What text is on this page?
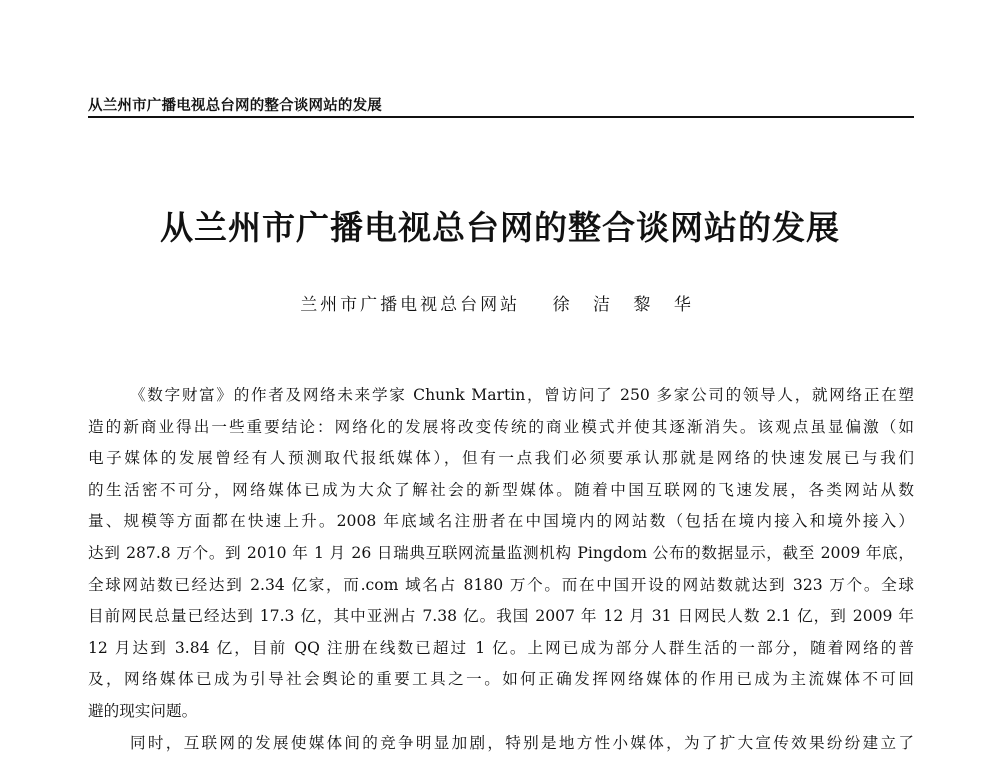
从兰州市广播电视总台网的整合谈网站的发展
从兰州市广播电视总台网的整合谈网站的发展
兰州市广播电视总台网站 徐 洁 黎 华
《数字财富》的作者及网络未来学家 Chunk Martin，曾访问了 250 多家公司的领导人，就网络正在塑
造的新商业得出一些重要结论：网络化的发展将改变传统的商业模式并使其逐渐消失。该观点虽显偏激（如
电子媒体的发展曾经有人预测取代报纸媒体），但有一点我们必须要承认那就是网络的快速发展已与我们
的生活密不可分，网络媒体已成为大众了解社会的新型媒体。随着中国互联网的飞速发展，各类网站从数
量、规模等方面都在快速上升。2008 年底域名注册者在中国境内的网站数（包括在境内接入和境外接入）
达到 287.8 万个。到 2010 年 1 月 26 日瑞典互联网流量监测机构 Pingdom 公布的数据显示，截至 2009 年底，
全球网站数已经达到 2.34 亿家，而.com 域名占 8180 万个。而在中国开设的网站数就达到 323 万个。全球
目前网民总量已经达到 17.3 亿，其中亚洲占 7.38 亿。我国 2007 年 12 月 31 日网民人数 2.1 亿，到 2009 年
12 月达到 3.84 亿，目前 QQ 注册在线数已超过 1 亿。上网已成为部分人群生活的一部分，随着网络的普
及，网络媒体已成为引导社会舆论的重要工具之一。如何正确发挥网络媒体的作用已成为主流媒体不可回
避的现实问题。
同时，互联网的发展使媒体间的竞争明显加剧，特别是地方性小媒体，为了扩大宣传效果纷纷建立了
